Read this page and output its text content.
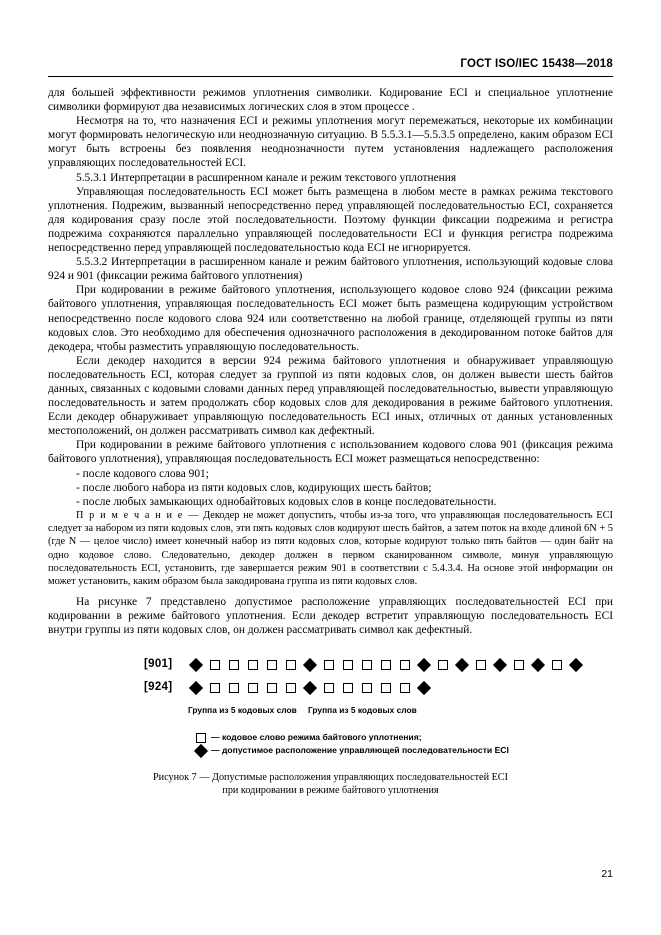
ГОСТ ISO/IEC 15438—2018

для большей эффективности режимов уплотнения символики. Кодирование ECI и специальное уплотнение символики формируют два независимых логических слоя в этом процессе .

Несмотря на то, что назначения ECI и режимы уплотнения могут перемежаться, некоторые их комбинации могут формировать нелогическую или неоднозначную ситуацию. В 5.5.3.1—5.5.3.5 определено, каким образом ECI могут быть встроены без появления неоднозначности путем установления надлежащего расположения управляющих последовательностей ECI.

5.5.3.1 Интерпретации в расширенном канале и режим текстового уплотнения

Управляющая последовательность ECI может быть размещена в любом месте в рамках режима текстового уплотнения. Подрежим, вызванный непосредственно перед управляющей последовательностью ECI, сохраняется для кодирования сразу после этой последовательности. Поэтому функции фиксации подрежима и регистра подрежима сохраняются параллельно управляющей последовательности ECI и функция регистра подрежима непосредственно перед управляющей последовательностью кода ECI не игнорируется.

5.5.3.2 Интерпретации в расширенном канале и режим байтового уплотнения, использующий кодовые слова 924 и 901 (фиксации режима байтового уплотнения)

При кодировании в режиме байтового уплотнения, использующего кодовое слово 924 (фиксации режима байтового уплотнения, управляющая последовательность ECI может быть размещена кодирующим устройством непосредственно после кодового слова 924 или соответственно на любой границе, отделяющей группы из пяти кодовых слов. Это необходимо для обеспечения однозначного расположения в декодированном потоке байтов для декодера, чтобы разместить управляющую последовательность.

Если декодер находится в версии 924 режима байтового уплотнения и обнаруживает управляющую последовательность ECI, которая следует за группой из пяти кодовых слов, он должен вывести шесть байтов данных, связанных с кодовыми словами данных перед управляющей последовательностью, вывести управляющую последовательность и затем продолжать сбор кодовых слов для декодирования в режиме байтового уплотнения. Если декодер обнаруживает управляющую последовательность ECI иных, отличных от данных установленных местоположений, он должен рассматривать символ как дефектный.

При кодировании в режиме байтового уплотнения с использованием кодового слова 901 (фиксация режима байтового уплотнения), управляющая последовательность ECI может размещаться непосредственно:

- после кодового слова 901;

- после любого набора из пяти кодовых слов, кодирующих шесть байтов;

- после любых замыкающих однобайтовых кодовых слов в конце последовательности.

П р и м е ч а н и е — Декодер не может допустить, чтобы из-за того, что управляющая последовательность ECI следует за набором из пяти кодовых слов, эти пять кодовых слов кодируют шесть байтов, а затем поток на входе длиной 6N + 5 (где N — целое число) имеет конечный набор из пяти кодовых слов, которые кодируют только пять байтов — один байт на одно кодовое слово. Следовательно, декодер должен в первом сканированном символе, минуя управляющую последовательность ECI, установить, где завершается режим 901 в соответствии с 5.4.3.4. На основе этой информации он может установить, каким образом была закодирована группа из пяти кодовых слов.

На рисунке 7 представлено допустимое расположение управляющих последовательностей ECI при кодировании в режиме байтового уплотнения. Если декодер встретит управляющую последовательность ECI внутри группы из пяти кодовых слов, он должен рассматривать символ как дефектный.

[901]
[924]
Группа из 5 кодовых слов	Группа из 5 кодовых слов
— кодовое слово режима байтового уплотнения;
— допустимое расположение управляющей последовательности ECI
Рисунок 7 — Допустимые расположения управляющих последовательностей ECI
при кодировании в режиме байтового уплотнения
21
